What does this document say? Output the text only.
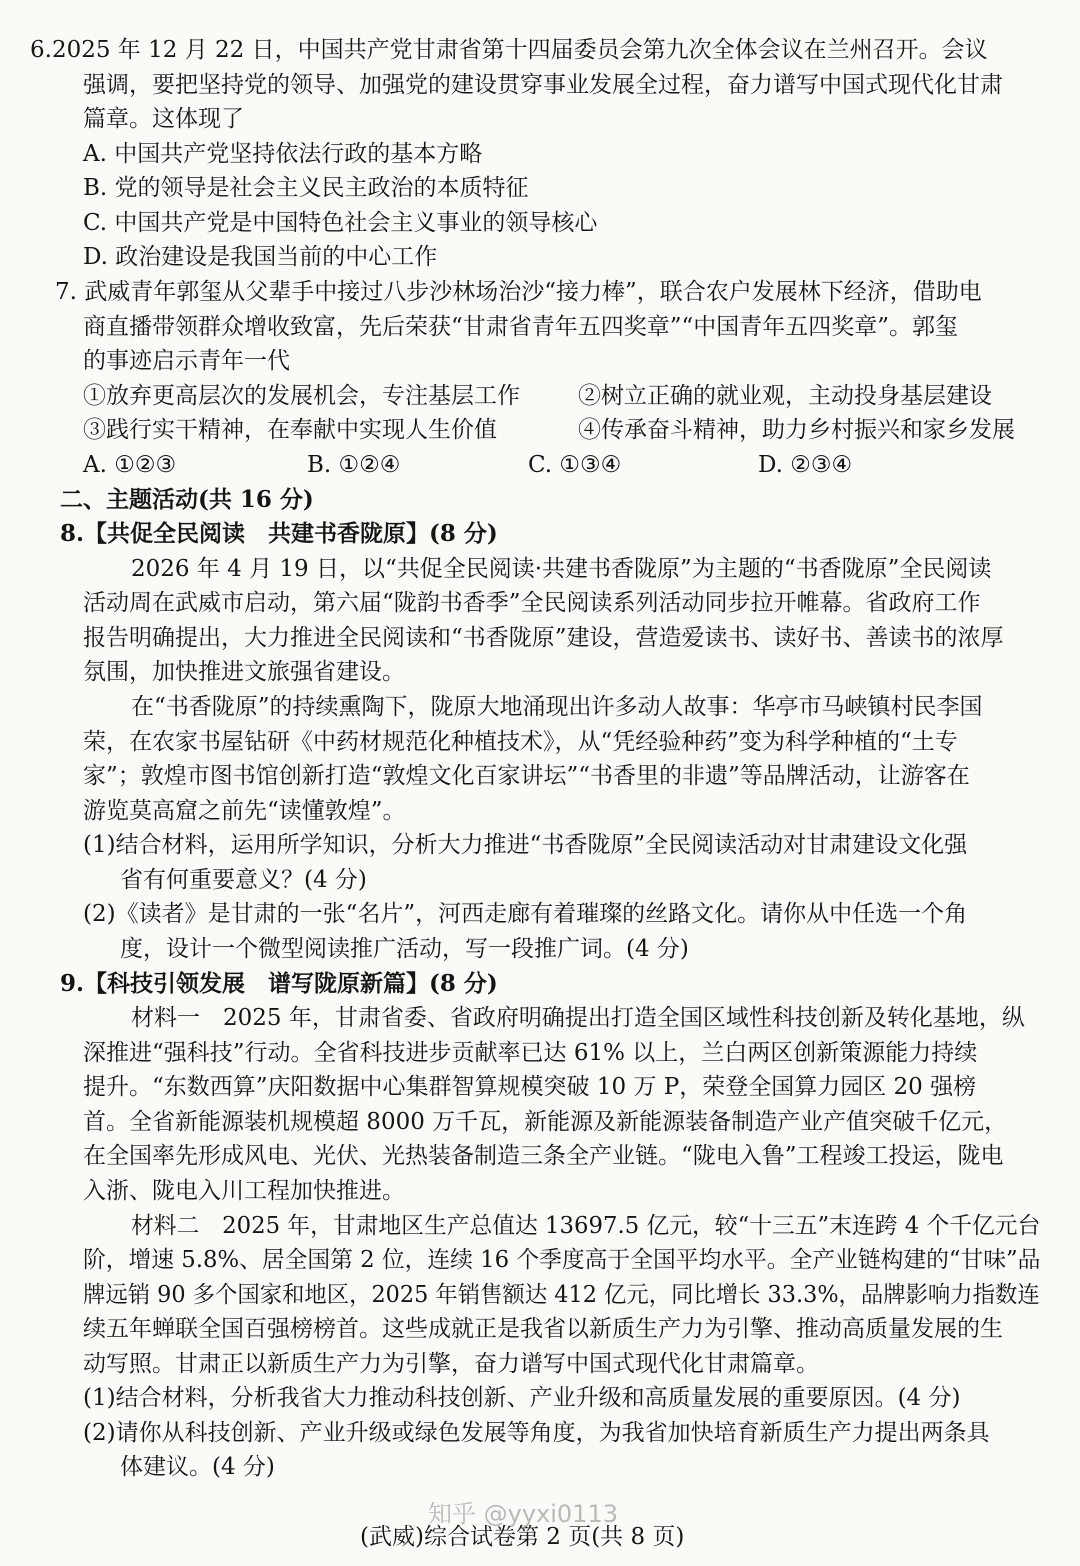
6.2025 年 12 月 22 日，中国共产党甘肃省第十四届委员会第九次全体会议在兰州召开。会议
强调，要把坚持党的领导、加强党的建设贯穿事业发展全过程，奋力谱写中国式现代化甘肃
篇章。这体现了
A. 中国共产党坚持依法行政的基本方略
B. 党的领导是社会主义民主政治的本质特征
C. 中国共产党是中国特色社会主义事业的领导核心
D. 政治建设是我国当前的中心工作
7. 武威青年郭玺从父辈手中接过八步沙林场治沙“接力棒”，联合农户发展林下经济，借助电
商直播带领群众增收致富，先后荣获“甘肃省青年五四奖章”“中国青年五四奖章”。郭玺
的事迹启示青年一代
①放弃更高层次的发展机会，专注基层工作	②树立正确的就业观，主动投身基层建设
③践行实干精神，在奉献中实现人生价值	④传承奋斗精神，助力乡村振兴和家乡发展
A. ①②③	B. ①②④	C. ①③④	D. ②③④
二、主题活动(共 16 分)
8.【共促全民阅读　共建书香陇原】(8 分)
2026 年 4 月 19 日，以“共促全民阅读·共建书香陇原”为主题的“书香陇原”全民阅读
活动周在武威市启动，第六届“陇韵书香季”全民阅读系列活动同步拉开帷幕。省政府工作
报告明确提出，大力推进全民阅读和“书香陇原”建设，营造爱读书、读好书、善读书的浓厚
氛围，加快推进文旅强省建设。
在“书香陇原”的持续熏陶下，陇原大地涌现出许多动人故事：华亭市马峡镇村民李国
荣，在农家书屋钻研《中药材规范化种植技术》，从“凭经验种药”变为科学种植的“土专
家”；敦煌市图书馆创新打造“敦煌文化百家讲坛”“书香里的非遗”等品牌活动，让游客在
游览莫高窟之前先“读懂敦煌”。
(1)结合材料，运用所学知识，分析大力推进“书香陇原”全民阅读活动对甘肃建设文化强
省有何重要意义？(4 分)
(2)《读者》是甘肃的一张“名片”，河西走廊有着璀璨的丝路文化。请你从中任选一个角
度，设计一个微型阅读推广活动，写一段推广词。(4 分)
9.【科技引领发展　谱写陇原新篇】(8 分)
材料一　2025 年，甘肃省委、省政府明确提出打造全国区域性科技创新及转化基地，纵
深推进“强科技”行动。全省科技进步贡献率已达 61% 以上，兰白两区创新策源能力持续
提升。“东数西算”庆阳数据中心集群智算规模突破 10 万 P，荣登全国算力园区 20 强榜
首。全省新能源装机规模超 8000 万千瓦，新能源及新能源装备制造产业产值突破千亿元，
在全国率先形成风电、光伏、光热装备制造三条全产业链。“陇电入鲁”工程竣工投运，陇电
入浙、陇电入川工程加快推进。
材料二　2025 年，甘肃地区生产总值达 13697.5 亿元，较“十三五”末连跨 4 个千亿元台
阶，增速 5.8%、居全国第 2 位，连续 16 个季度高于全国平均水平。全产业链构建的“甘味”品
牌远销 90 多个国家和地区，2025 年销售额达 412 亿元，同比增长 33.3%，品牌影响力指数连
续五年蝉联全国百强榜榜首。这些成就正是我省以新质生产力为引擎、推动高质量发展的生
动写照。甘肃正以新质生产力为引擎，奋力谱写中国式现代化甘肃篇章。
(1)结合材料，分析我省大力推动科技创新、产业升级和高质量发展的重要原因。(4 分)
(2)请你从科技创新、产业升级或绿色发展等角度，为我省加快培育新质生产力提出两条具
体建议。(4 分)
知乎 @yyxi0113
(武威)综合试卷第 2 页(共 8 页)
